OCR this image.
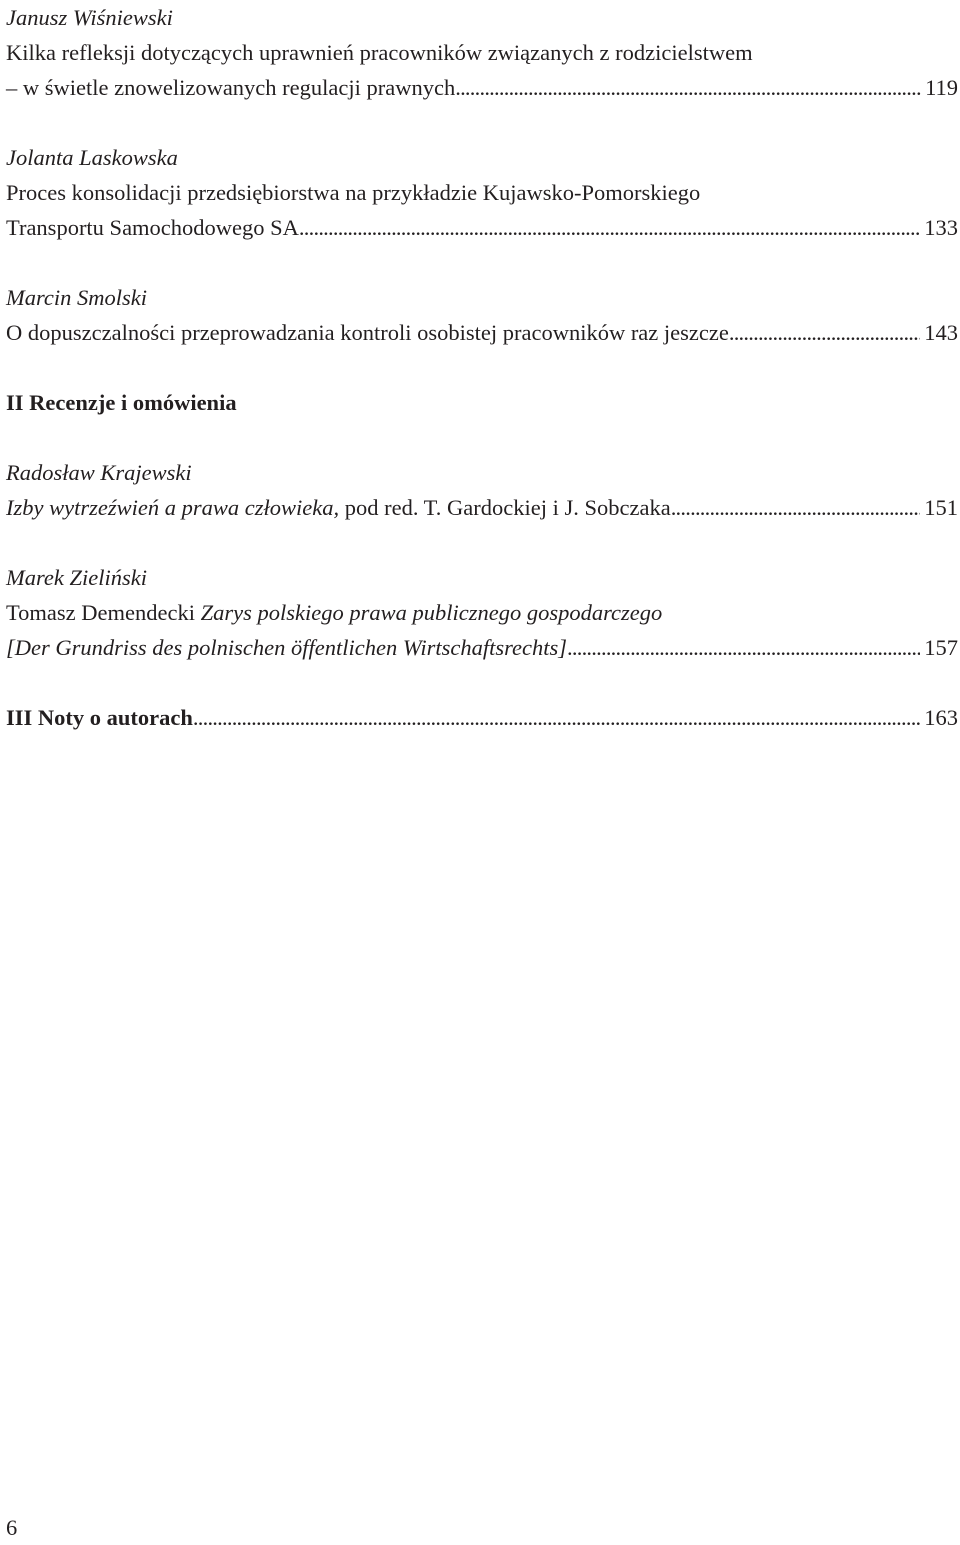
Janusz Wiśniewski
Kilka refleksji dotyczących uprawnień pracowników związanych z rodzicielstwem
– w świetle znowelizowanych regulacji prawnych . . .	119
Jolanta Laskowska
Proces konsolidacji przedsiębiorstwa na przykładzie Kujawsko-Pomorskiego
Transportu Samochodowego SA . . .	133
Marcin Smolski
O dopuszczalności przeprowadzania kontroli osobistej pracowników raz jeszcze . . .	143
II Recenzje i omówienia
Radosław Krajewski
Izby wytrzeźwień a prawa człowieka, pod red. T. Gardockiej i J. Sobczaka . . .	151
Marek Zieliński
Tomasz Demendecki Zarys polskiego prawa publicznego gospodarczego
[Der Grundriss des polnischen öffentlichen Wirtschaftsrechts] . . .	157
III Noty o autorach . . .	163
6
